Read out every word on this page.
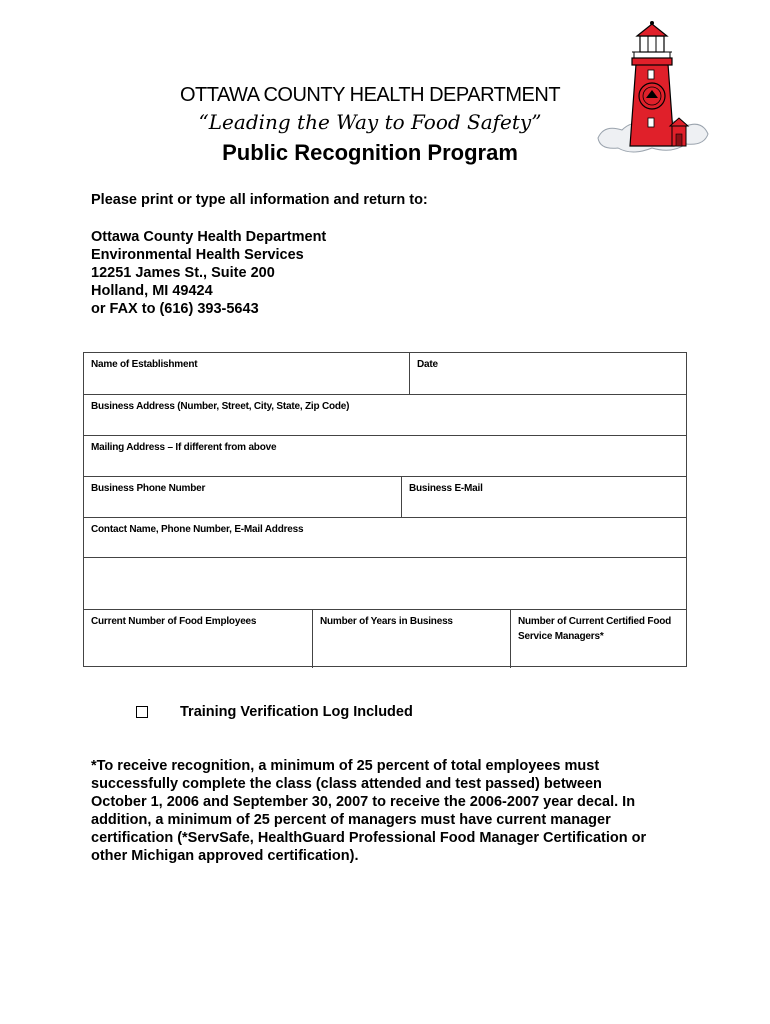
OTTAWA COUNTY HEALTH DEPARTMENT
“Leading the Way to Food Safety”
Public Recognition Program
Please print or type all information and return to:
Ottawa County Health Department
Environmental Health Services
12251 James St., Suite 200
Holland, MI 49424
or FAX to (616) 393-5643
Name of Establishment	Date
Business Address (Number, Street, City, State, Zip Code)
Mailing Address – If different from above
Business Phone Number	Business E-Mail
Contact Name, Phone Number, E-Mail Address
Current Number of Food Employees	Number of Years in Business	Number of Current Certified Food
Service Managers*
Training Verification Log Included
*To receive recognition, a minimum of 25 percent of total employees must
successfully complete the class (class attended and test passed) between
October 1, 2006 and September 30, 2007 to receive the 2006-2007 year decal. In
addition, a minimum of 25 percent of managers must have current manager
certification (*ServSafe, HealthGuard Professional Food Manager Certification or
other Michigan approved certification).
